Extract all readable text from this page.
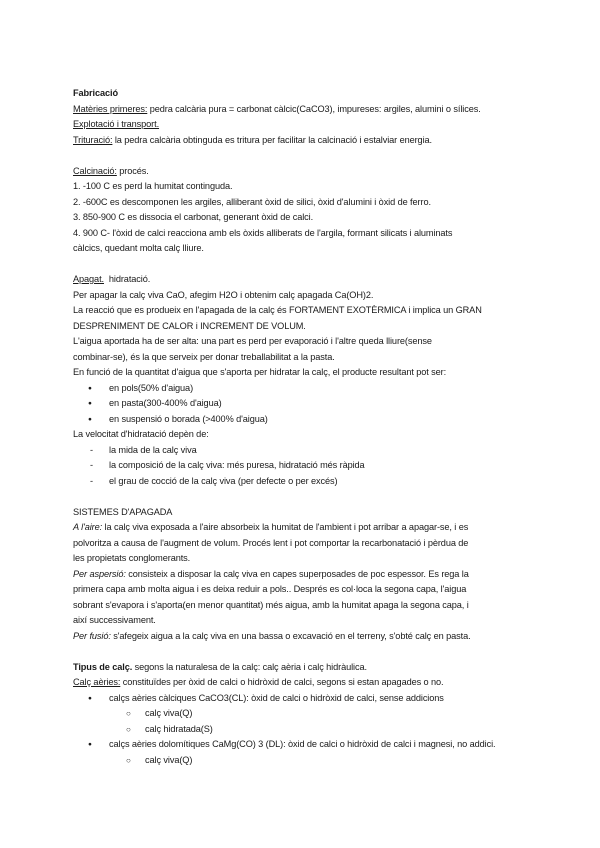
Fabricació
Matèries primeres: pedra calcària pura = carbonat càlcic(CaCO3), impureses: argiles, alumini o sílices.
Explotació i transport.
Trituració: la pedra calcària obtinguda es tritura per facilitar la calcinació i estalviar energia.
Calcinació: procés.
1. -100 C es perd la humitat continguda.
2. -600C es descomponen les argiles, alliberant òxid de silici, òxid d'alumini i òxid de ferro.
3. 850-900 C es dissocia el carbonat, generant òxid de calci.
4. 900 C- l'òxid de calci reacciona amb els òxids alliberats de l'argila, formant silicats i aluminats
càlcics, quedant molta calç lliure.
Apagat.  hidratació.
Per apagar la calç viva CaO, afegim H2O i obtenim calç apagada Ca(OH)2.
La reacció que es produeix en l'apagada de la calç és FORTAMENT EXOTÈRMICA i implica un GRAN
DESPRENIMENT DE CALOR i INCREMENT DE VOLUM.
L'aigua aportada ha de ser alta: una part es perd per evaporació i l'altre queda lliure(sense
combinar-se), és la que serveix per donar treballabilitat a la pasta.
En funció de la quantitat d'aigua que s'aporta per hidratar la calç, el producte resultant pot ser:
● en pols(50% d'aigua)
● en pasta(300-400% d'aigua)
● en suspensió o borada (>400% d'aigua)
La velocitat d'hidratació depèn de:
- la mida de la calç viva
- la composició de la calç viva: més puresa, hidratació més ràpida
- el grau de cocció de la calç viva (per defecte o per excés)
SISTEMES D'APAGADA
A l'aire: la calç viva exposada a l'aire absorbeix la humitat de l'ambient i pot arribar a apagar-se, i es
polvoritza a causa de l'augment de volum. Procés lent i pot comportar la recarbonatació i pèrdua de
les propietats conglomerants.
Per aspersió: consisteix a disposar la calç viva en capes superposades de poc espessor. Es rega la
primera capa amb molta aigua i es deixa reduir a pols.. Després es col·loca la segona capa, l'aigua
sobrant s'evapora i s'aporta(en menor quantitat) més aigua, amb la humitat apaga la segona capa, i
així successivament.
Per fusió: s'afegeix aigua a la calç viva en una bassa o excavació en el terreny, s'obté calç en pasta.
Tipus de calç. segons la naturalesa de la calç: calç aèria i calç hidràulica.
Calç aèries: constituïdes per òxid de calci o hidròxid de calci, segons si estan apagades o no.
● calçs aèries càlciques CaCO3(CL): òxid de calci o hidròxid de calci, sense addicions
○ calç viva(Q)
○ calç hidratada(S)
● calçs aèries dolomítiques CaMg(CO) 3 (DL): òxid de calci o hidròxid de calci i magnesi, no addici.
○ calç viva(Q)
